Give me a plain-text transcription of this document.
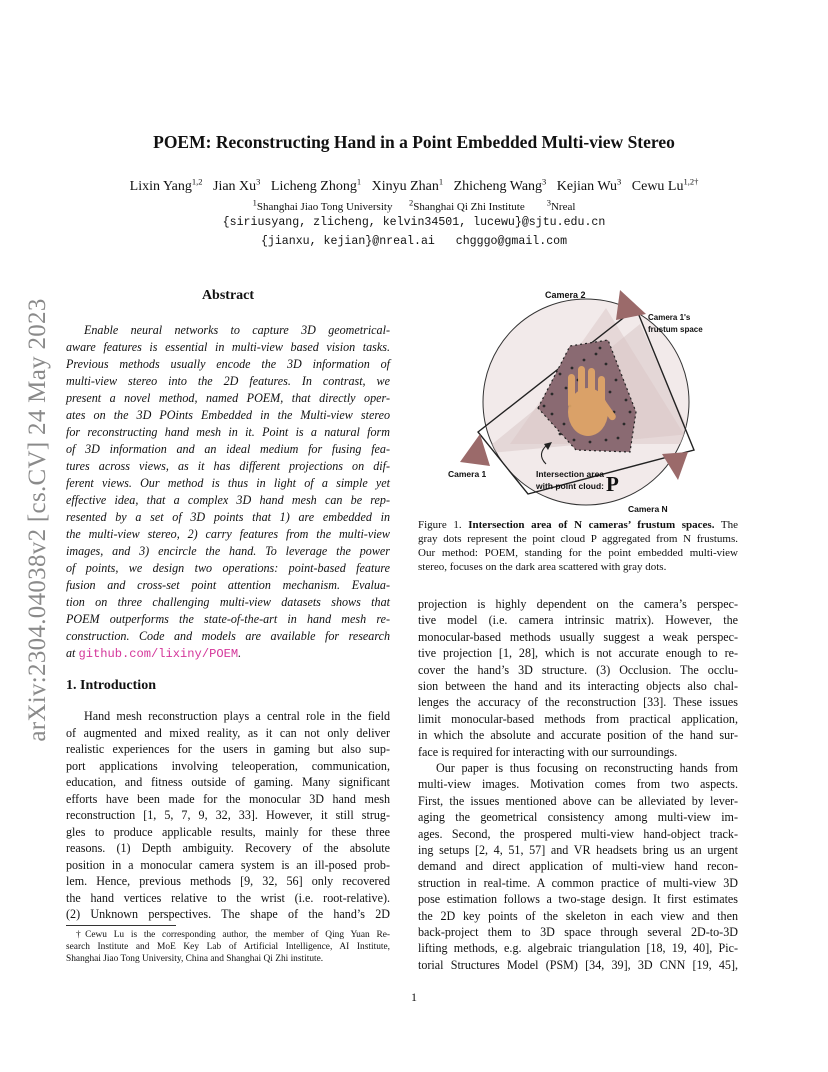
arXiv:2304.04038v2 [cs.CV] 24 May 2023
POEM: Reconstructing Hand in a Point Embedded Multi-view Stereo
Lixin Yang$^{1,2}$ Jian Xu$^3$ Licheng Zhong$^1$ Xinyu Zhan$^1$ Zhicheng Wang$^3$ Kejian Wu$^3$ Cewu $Lu^{1,2\dagger}$
$^1$Shanghai Jiao Tong University $^2$Shanghai Qi Zhi Institute	$^3$Nreal
{siriusyang, zlicheng, kelvin34501, lucewu}@sjtu.edu.cn
{jianxu, kejian}@nreal.ai   chgggo@gmail.com
Abstract
Enable neural networks to capture 3D geometrical-
aware features is essential in multi-view based vision tasks.
Previous methods usually encode the 3D information of
multi-view stereo into the 2D features. In contrast, we
present a novel method, named POEM, that directly oper-
ates on the 3D POints Embedded in the Multi-view stereo
for reconstructing hand mesh in it. Point is a natural form
of 3D information and an ideal medium for fusing fea-
tures across views, as it has different projections on dif-
ferent views. Our method is thus in light of a simple yet
effective idea, that a complex 3D hand mesh can be rep-
resented by a set of 3D points that 1) are embedded in
the multi-view stereo, 2) carry features from the multi-view
images, and 3) encircle the hand. To leverage the power
of points, we design two operations: point-based feature
fusion and cross-set point attention mechanism. Evalua-
tion on three challenging multi-view datasets shows that
POEM outperforms the state-of-the-art in hand mesh re-
construction. Code and models are available for research
at github.com/lixiny/POEM.
1. Introduction
Hand mesh reconstruction plays a central role in the field
of augmented and mixed reality, as it can not only deliver
realistic experiences for the users in gaming but also sup-
port applications involving teleoperation, communication,
education, and fitness outside of gaming. Many significant
efforts have been made for the monocular 3D hand mesh
reconstruction [1, 5, 7, 9, 32, 33]. However, it still strug-
gles to produce applicable results, mainly for these three
reasons. (1) Depth ambiguity. Recovery of the absolute
position in a monocular camera system is an ill-posed prob-
lem. Hence, previous methods [9, 32, 56] only recovered
the hand vertices relative to the wrist (i.e. root-relative).
(2) Unknown perspectives. The shape of the hand’s 2D
†Cewu Lu is the corresponding author, the member of Qing Yuan Re-
search Institute and MoE Key Lab of Artificial Intelligence, AI Institute,
Shanghai Jiao Tong University, China and Shanghai Qi Zhi institute.
Camera 2
Camera 1's
frustum space
Camera 1
Camera N
Intersection area
with point cloud: P
Figure 1. Intersection area of N cameras’ frustum spaces. The
gray dots represent the point cloud P aggregated from N frustums.
Our method: POEM, standing for the point embedded multi-view
stereo, focuses on the dark area scattered with gray dots.
projection is highly dependent on the camera’s perspec-
tive model (i.e. camera intrinsic matrix). However, the
monocular-based methods usually suggest a weak perspec-
tive projection [1, 28], which is not accurate enough to re-
cover the hand’s 3D structure. (3) Occlusion. The occlu-
sion between the hand and its interacting objects also chal-
lenges the accuracy of the reconstruction [33]. These issues
limit monocular-based methods from practical application,
in which the absolute and accurate position of the hand sur-
face is required for interacting with our surroundings.
Our paper is thus focusing on reconstructing hands from
multi-view images. Motivation comes from two aspects.
First, the issues mentioned above can be alleviated by lever-
aging the geometrical consistency among multi-view im-
ages. Second, the prospered multi-view hand-object track-
ing setups [2, 4, 51, 57] and VR headsets bring us an urgent
demand and direct application of multi-view hand recon-
struction in real-time. A common practice of multi-view 3D
pose estimation follows a two-stage design. It first estimates
the 2D key points of the skeleton in each view and then
back-project them to 3D space through several 2D-to-3D
lifting methods, e.g. algebraic triangulation [18, 19, 40], Pic-
torial Structures Model (PSM) [34, 39], 3D CNN [19, 45],
1
